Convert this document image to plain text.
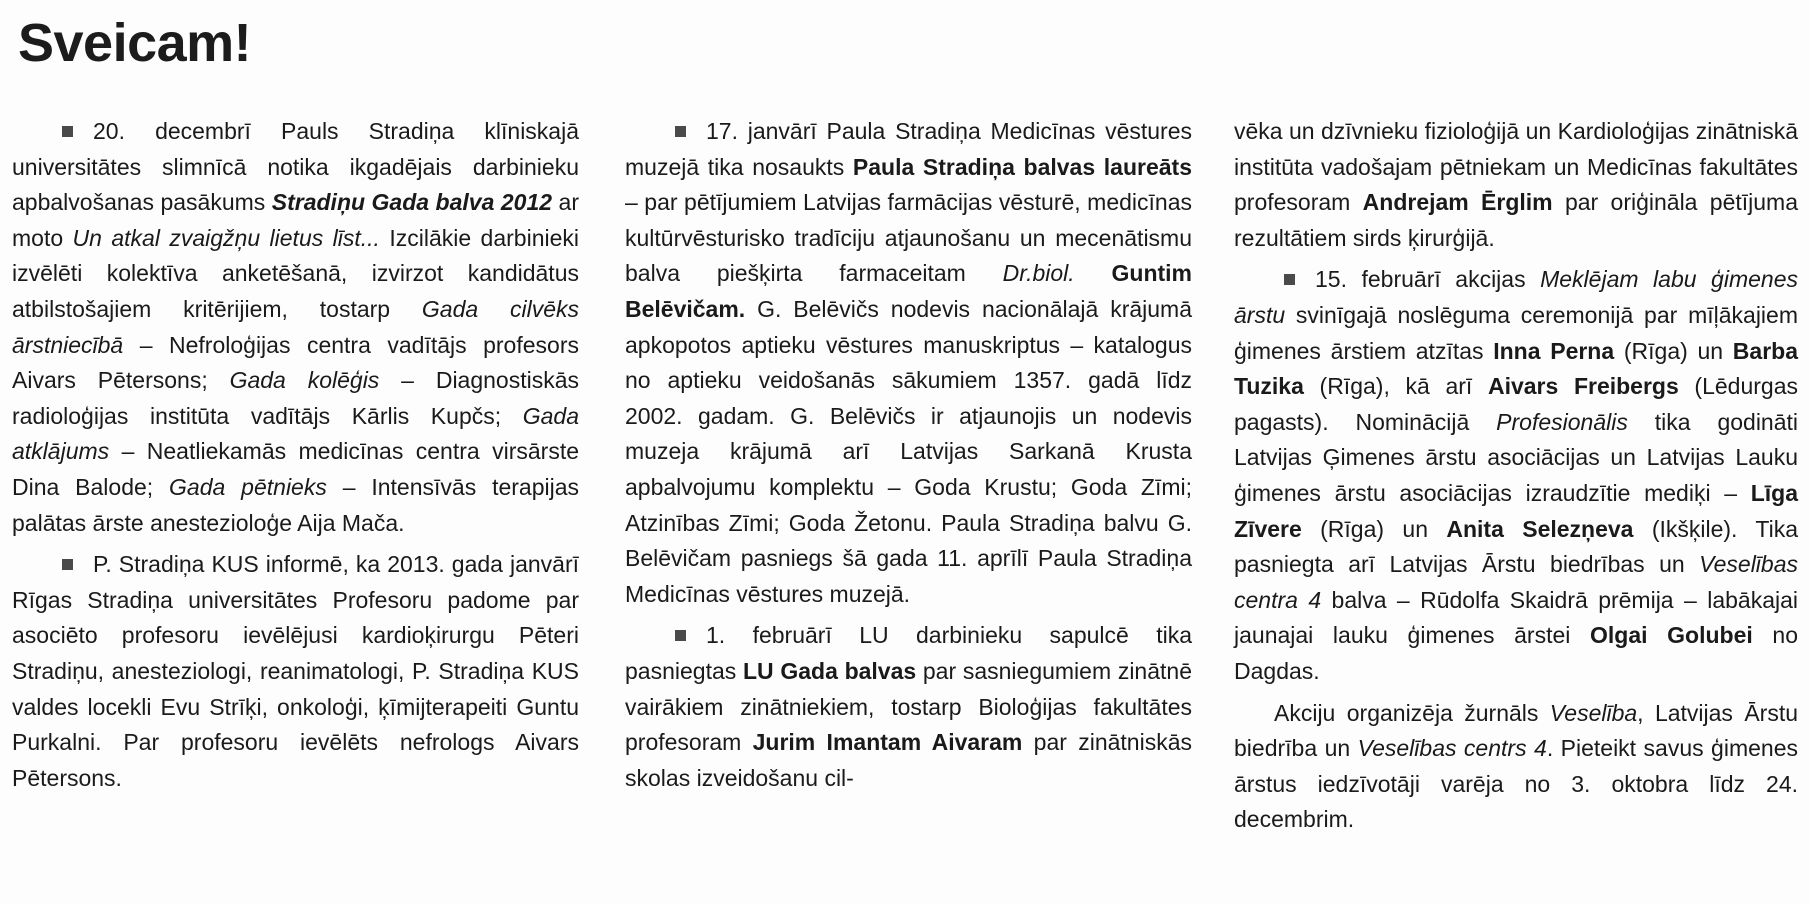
Sveicam!

20. decembrī Pauls Stradiņa klīniskajā universitātes slimnīcā notika ikgadējais darbinieku apbalvošanas pasākums Stradiņu Gada balva 2012 ar moto Un atkal zvaigžņu lietus līst... Izcilākie darbinieki izvēlēti kolektīva anketēšanā, izvirzot kandidātus atbilstošajiem kritērijiem, tostarp Gada cilvēks ārstniecībā – Nefroloģijas centra vadītājs profesors Aivars Pētersons; Gada kolēģis – Diagnostiskās radioloģijas institūta vadītājs Kārlis Kupčs; Gada atklājums – Neatliekamās medicīnas centra virsārste Dina Balode; Gada pētnieks – Intensīvās terapijas palātas ārste anestezioloģe Aija Mača.

P. Stradiņa KUS informē, ka 2013. gada janvārī Rīgas Stradiņa universitātes Profesoru padome par asociēto profesoru ievēlējusi kardioķirurgu Pēteri Stradiņu, anesteziologi, reanimatologi, P. Stradiņa KUS valdes locekli Evu Strīķi, onkoloģi, ķīmijterapeiti Guntu Purkalni. Par profesoru ievēlēts nefrologs Aivars Pētersons.

17. janvārī Paula Stradiņa Medicīnas vēstures muzejā tika nosaukts Paula Stradiņa balvas laureāts – par pētījumiem Latvijas farmācijas vēsturē, medicīnas kultūrvēsturisko tradīciju atjaunošanu un mecenātismu balva piešķirta farmaceitam Dr.biol. Guntim Belēvičam. G. Belēvičs nodevis nacionālajā krājumā apkopotos aptieku vēstures manuskriptus – katalogus no aptieku veidošanās sākumiem 1357. gadā līdz 2002. gadam. G. Belēvičs ir atjaunojis un nodevis muzeja krājumā arī Latvijas Sarkanā Krusta apbalvojumu komplektu – Goda Krustu; Goda Zīmi; Atzinības Zīmi; Goda Žetonu. Paula Stradiņa balvu G. Belēvičam pasniegs šā gada 11. aprīlī Paula Stradiņa Medicīnas vēstures muzejā.

1. februārī LU darbinieku sapulcē tika pasniegtas LU Gada balvas par sasniegumiem zinātnē vairākiem zinātniekiem, tostarp Bioloģijas fakultātes profesoram Jurim Imantam Aivaram par zinātniskās skolas izveidošanu cil-

vēka un dzīvnieku fizioloģijā un Kardioloģijas zinātniskā institūta vadošajam pētniekam un Medicīnas fakultātes profesoram Andrejam Ērglim par oriģināla pētījuma rezultātiem sirds ķirurģijā.

15. februārī akcijas Meklējam labu ģimenes ārstu svinīgajā noslēguma ceremonijā par mīļākajiem ģimenes ārstiem atzītas Inna Perna (Rīga) un Barba Tuzika (Rīga), kā arī Aivars Freibergs (Lēdurgas pagasts). Nominācijā Profesionālis tika godināti Latvijas Ģimenes ārstu asociācijas un Latvijas Lauku ģimenes ārstu asociācijas izraudzītie mediķi – Līga Zīvere (Rīga) un Anita Selezņeva (Ikšķile). Tika pasniegta arī Latvijas Ārstu biedrības un Veselības centra 4 balva – Rūdolfa Skaidrā prēmija – labākajai jaunajai lauku ģimenes ārstei Olgai Golubei no Dagdas.

Akciju organizēja žurnāls Veselība, Latvijas Ārstu biedrība un Veselības centrs 4. Pieteikt savus ģimenes ārstus iedzīvotāji varēja no 3. oktobra līdz 24. decembrim.
